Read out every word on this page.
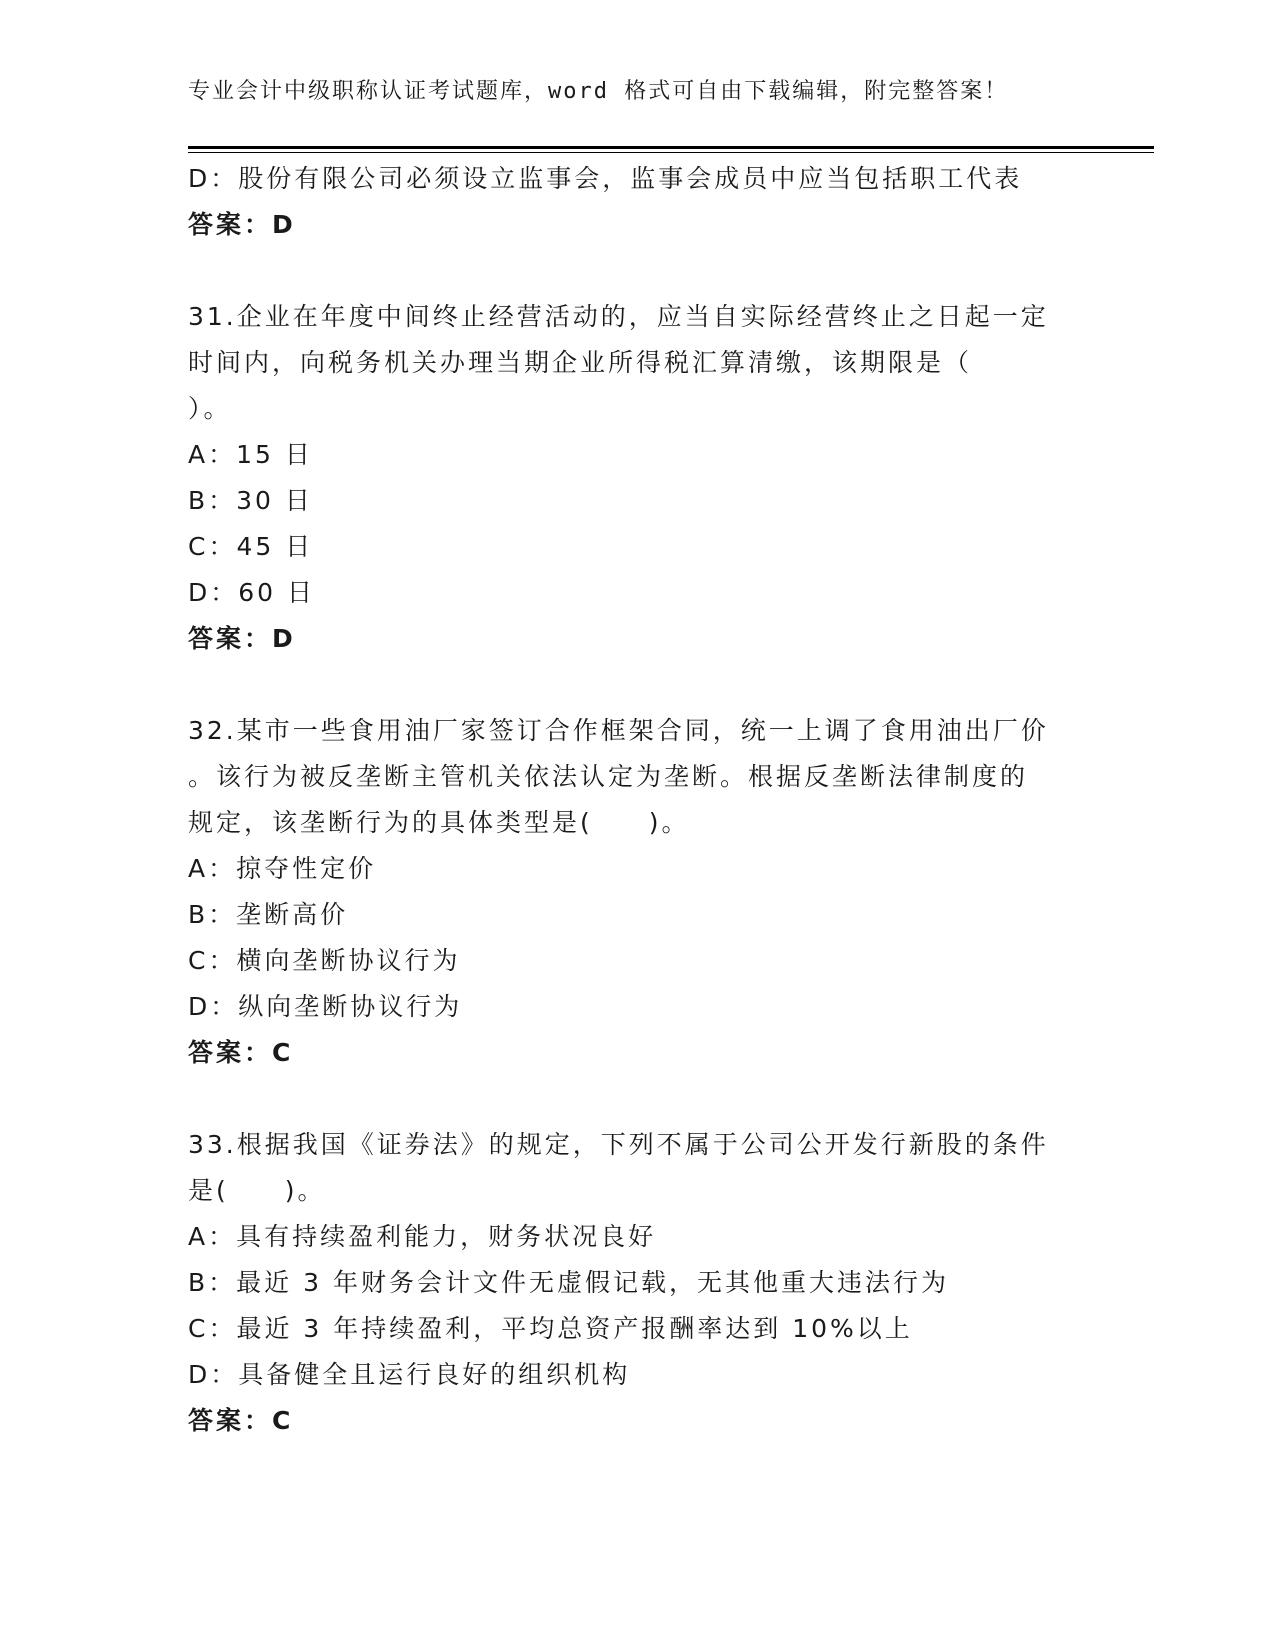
专业会计中级职称认证考试题库，word 格式可自由下载编辑，附完整答案！
D：股份有限公司必须设立监事会，监事会成员中应当包括职工代表
答案：D
31.企业在年度中间终止经营活动的，应当自实际经营终止之日起一定
时间内，向税务机关办理当期企业所得税汇算清缴，该期限是（
）。
A：15 日
B：30 日
C：45 日
D：60 日
答案：D
32.某市一些食用油厂家签订合作框架合同，统一上调了食用油出厂价
。该行为被反垄断主管机关依法认定为垄断。根据反垄断法律制度的
规定，该垄断行为的具体类型是(　　)。
A：掠夺性定价
B：垄断高价
C：横向垄断协议行为
D：纵向垄断协议行为
答案：C
33.根据我国《证券法》的规定，下列不属于公司公开发行新股的条件
是(　　)。
A：具有持续盈利能力，财务状况良好
B：最近 3 年财务会计文件无虚假记载，无其他重大违法行为
C：最近 3 年持续盈利，平均总资产报酬率达到 10%以上
D：具备健全且运行良好的组织机构
答案：C
